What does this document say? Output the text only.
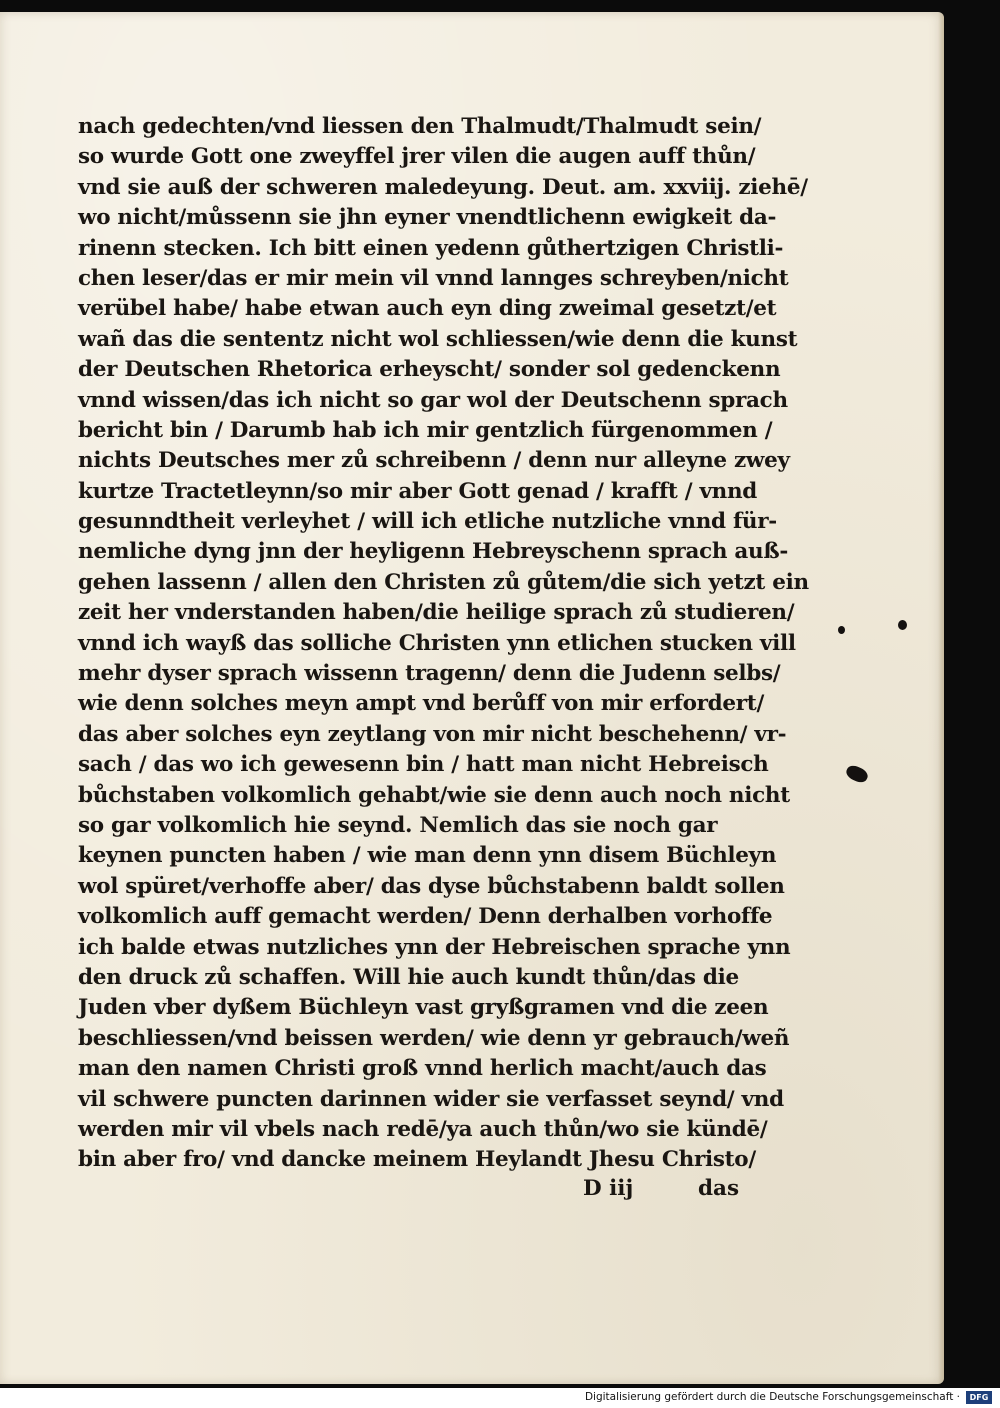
nach gedechten/vnd liessen den Thalmudt/Thalmudt sein/
so wurde Gott one zweyffel jrer vilen die augen auff thůn/
vnd sie auß der schweren maledeyung. Deut. am. xxviij. ziehē/
wo nicht/můssenn sie jhn eyner vnendtlichenn ewigkeit da-
rinenn stecken. Ich bitt einen yedenn gůthertzigen Christli-
chen leser/das er mir mein vil vnnd lannges schreyben/nicht
verübel habe/ habe etwan auch eyn ding zweimal gesetzt/et
wañ das die sententz nicht wol schliessen/wie denn die kunst
der Deutschen Rhetorica erheyscht/ sonder sol gedenckenn
vnnd wissen/das ich nicht so gar wol der Deutschenn sprach
bericht bin / Darumb hab ich mir gentzlich fürgenommen /
nichts Deutsches mer zů schreibenn / denn nur alleyne zwey
kurtze Tractetleynn/so mir aber Gott genad / krafft / vnnd
gesunndtheit verleyhet / will ich etliche nutzliche vnnd für-
nemliche dyng jnn der heyligenn Hebreyschenn sprach auß-
gehen lassenn / allen den Christen zů gůtem/die sich yetzt ein
zeit her vnderstanden haben/die heilige sprach zů studieren/
vnnd ich wayß das solliche Christen ynn etlichen stucken vill
mehr dyser sprach wissenn tragenn/ denn die Judenn selbs/
wie denn solches meyn ampt vnd berůff von mir erfordert/
das aber solches eyn zeytlang von mir nicht beschehenn/ vr-
sach / das wo ich gewesenn bin / hatt man nicht Hebreisch
bůchstaben volkomlich gehabt/wie sie denn auch noch nicht
so gar volkomlich hie seynd. Nemlich das sie noch gar
keynen puncten haben / wie man denn ynn disem Büchleyn
wol spüret/verhoffe aber/ das dyse bůchstabenn baldt sollen
volkomlich auff gemacht werden/ Denn derhalben vorhoffe
ich balde etwas nutzliches ynn der Hebreischen sprache ynn
den druck zů schaffen. Will hie auch kundt thůn/das die
Juden vber dyßem Büchleyn vast gryßgramen vnd die zeen
beschliessen/vnd beissen werden/ wie denn yr gebrauch/weñ
man den namen Christi groß vnnd herlich macht/auch das
vil schwere puncten darinnen wider sie verfasset seynd/ vnd
werden mir vil vbels nach redē/ya auch thůn/wo sie kündē/
bin aber fro/ vnd dancke meinem Heylandt Jhesu Christo/
D iij	das
Digitalisierung gefördert durch die Deutsche Forschungsgemeinschaft ·	DFG
